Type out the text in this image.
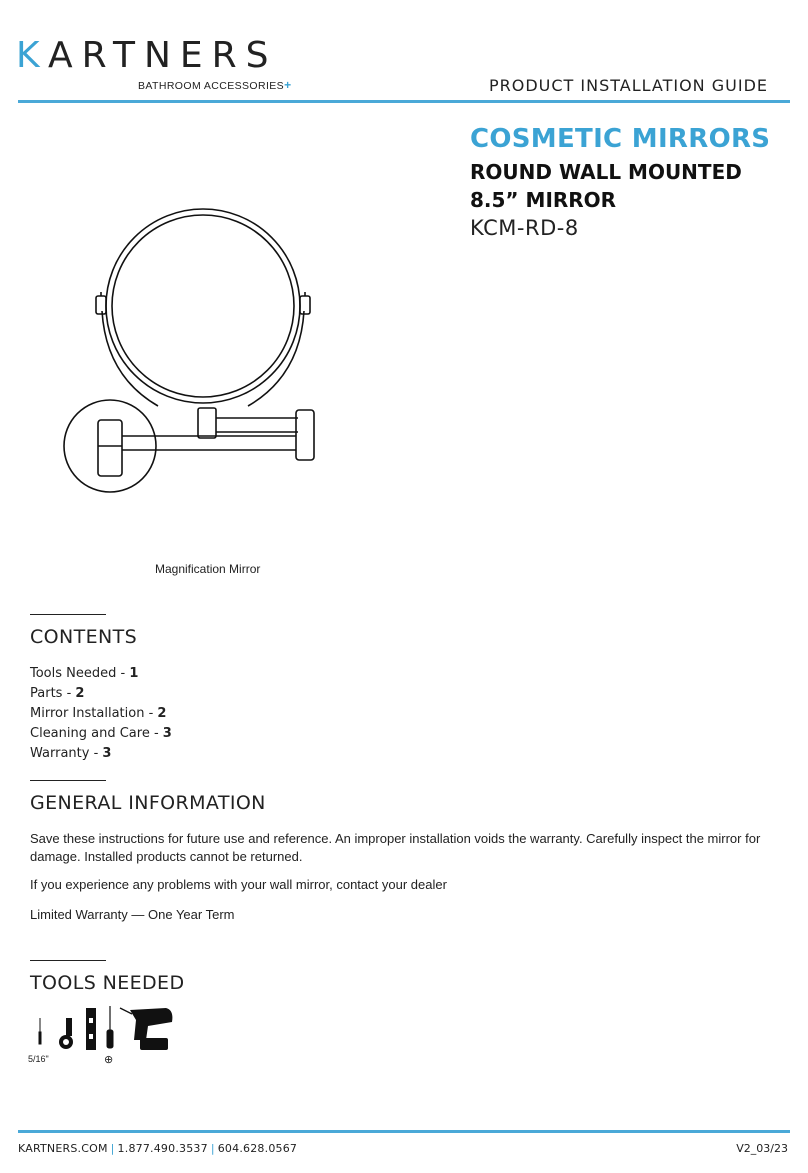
KARTNERS
BATHROOM ACCESSORIES+	PRODUCT INSTALLATION GUIDE
COSMETIC MIRRORS
ROUND WALL MOUNTED
8.5” MIRROR
KCM-RD-8
Magnification Mirror
CONTENTS
Tools Needed - 1
Parts - 2
Mirror Installation - 2
Cleaning and Care - 3
Warranty - 3
GENERAL INFORMATION

Save these instructions for future use and reference. An improper installation voids the warranty. Carefully inspect the mirror for damage. Installed products cannot be returned.

If you experience any problems with your wall mirror, contact your dealer

Limited Warranty — One Year Term

TOOLS NEEDED
5/16"	⊕
KARTNERS.COM | 1.877.490.3537 | 604.628.0567	V2_03/23
